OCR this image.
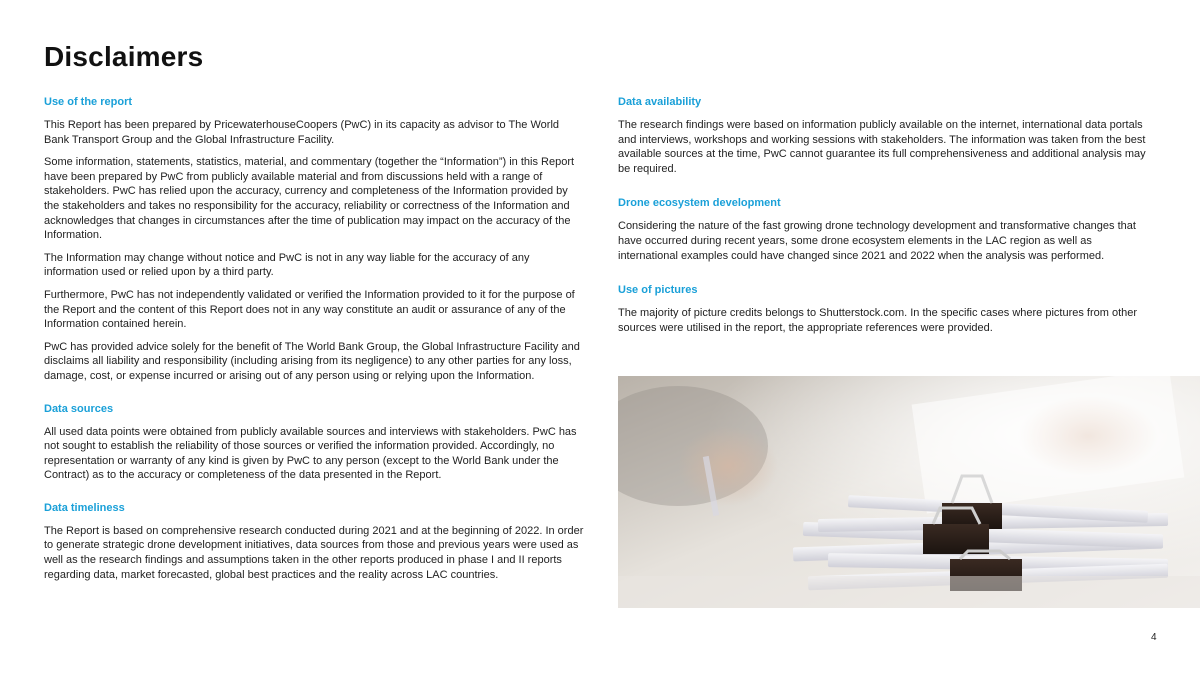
Disclaimers

Use of the report

This Report has been prepared by PricewaterhouseCoopers (PwC) in its capacity as advisor to The World Bank Transport Group and the Global Infrastructure Facility.

Some information, statements, statistics, material, and commentary (together the “Information”) in this Report have been prepared by PwC from publicly available material and from discussions held with a range of stakeholders. PwC has relied upon the accuracy, currency and completeness of the Information provided by the stakeholders and takes no responsibility for the accuracy, reliability or correctness of the Information and acknowledges that changes in circumstances after the time of publication may impact on the accuracy of the Information.

The Information may change without notice and PwC is not in any way liable for the accuracy of any information used or relied upon by a third party.

Furthermore, PwC has not independently validated or verified the Information provided to it for the purpose of the Report and the content of this Report does not in any way constitute an audit or assurance of any of the Information contained herein.

PwC has provided advice solely for the benefit of The World Bank Group, the Global Infrastructure Facility and disclaims all liability and responsibility (including arising from its negligence) to any other parties for any loss, damage, cost, or expense incurred or arising out of any person using or relying upon the Information.

Data sources

All used data points were obtained from publicly available sources and interviews with stakeholders. PwC has not sought to establish the reliability of those sources or verified the information provided. Accordingly, no representation or warranty of any kind is given by PwC to any person (except to the World Bank under the Contract) as to the accuracy or completeness of the data presented in the Report.

Data timeliness

The Report is based on comprehensive research conducted during 2021 and at the beginning of 2022. In order to generate strategic drone development initiatives, data sources from those and previous years were used as well as the research findings and assumptions taken in the other reports produced in phase I and II reports regarding data, market forecasted, global best practices and the reality across LAC countries.

Data availability

The research findings were based on information publicly available on the internet, international data portals and interviews, workshops and working sessions with stakeholders. The information was taken from the best available sources at the time, PwC cannot guarantee its full comprehensiveness and additional analysis may be required.

Drone ecosystem development

Considering the nature of the fast growing drone technology development and transformative changes that have occurred during recent years, some drone ecosystem elements in the LAC region as well as international examples could have changed since 2021 and 2022 when the analysis was performed.

Use of pictures

The majority of picture credits belongs to Shutterstock.com. In the specific cases where pictures from other sources were utilised in the report, the appropriate references were provided.

4
